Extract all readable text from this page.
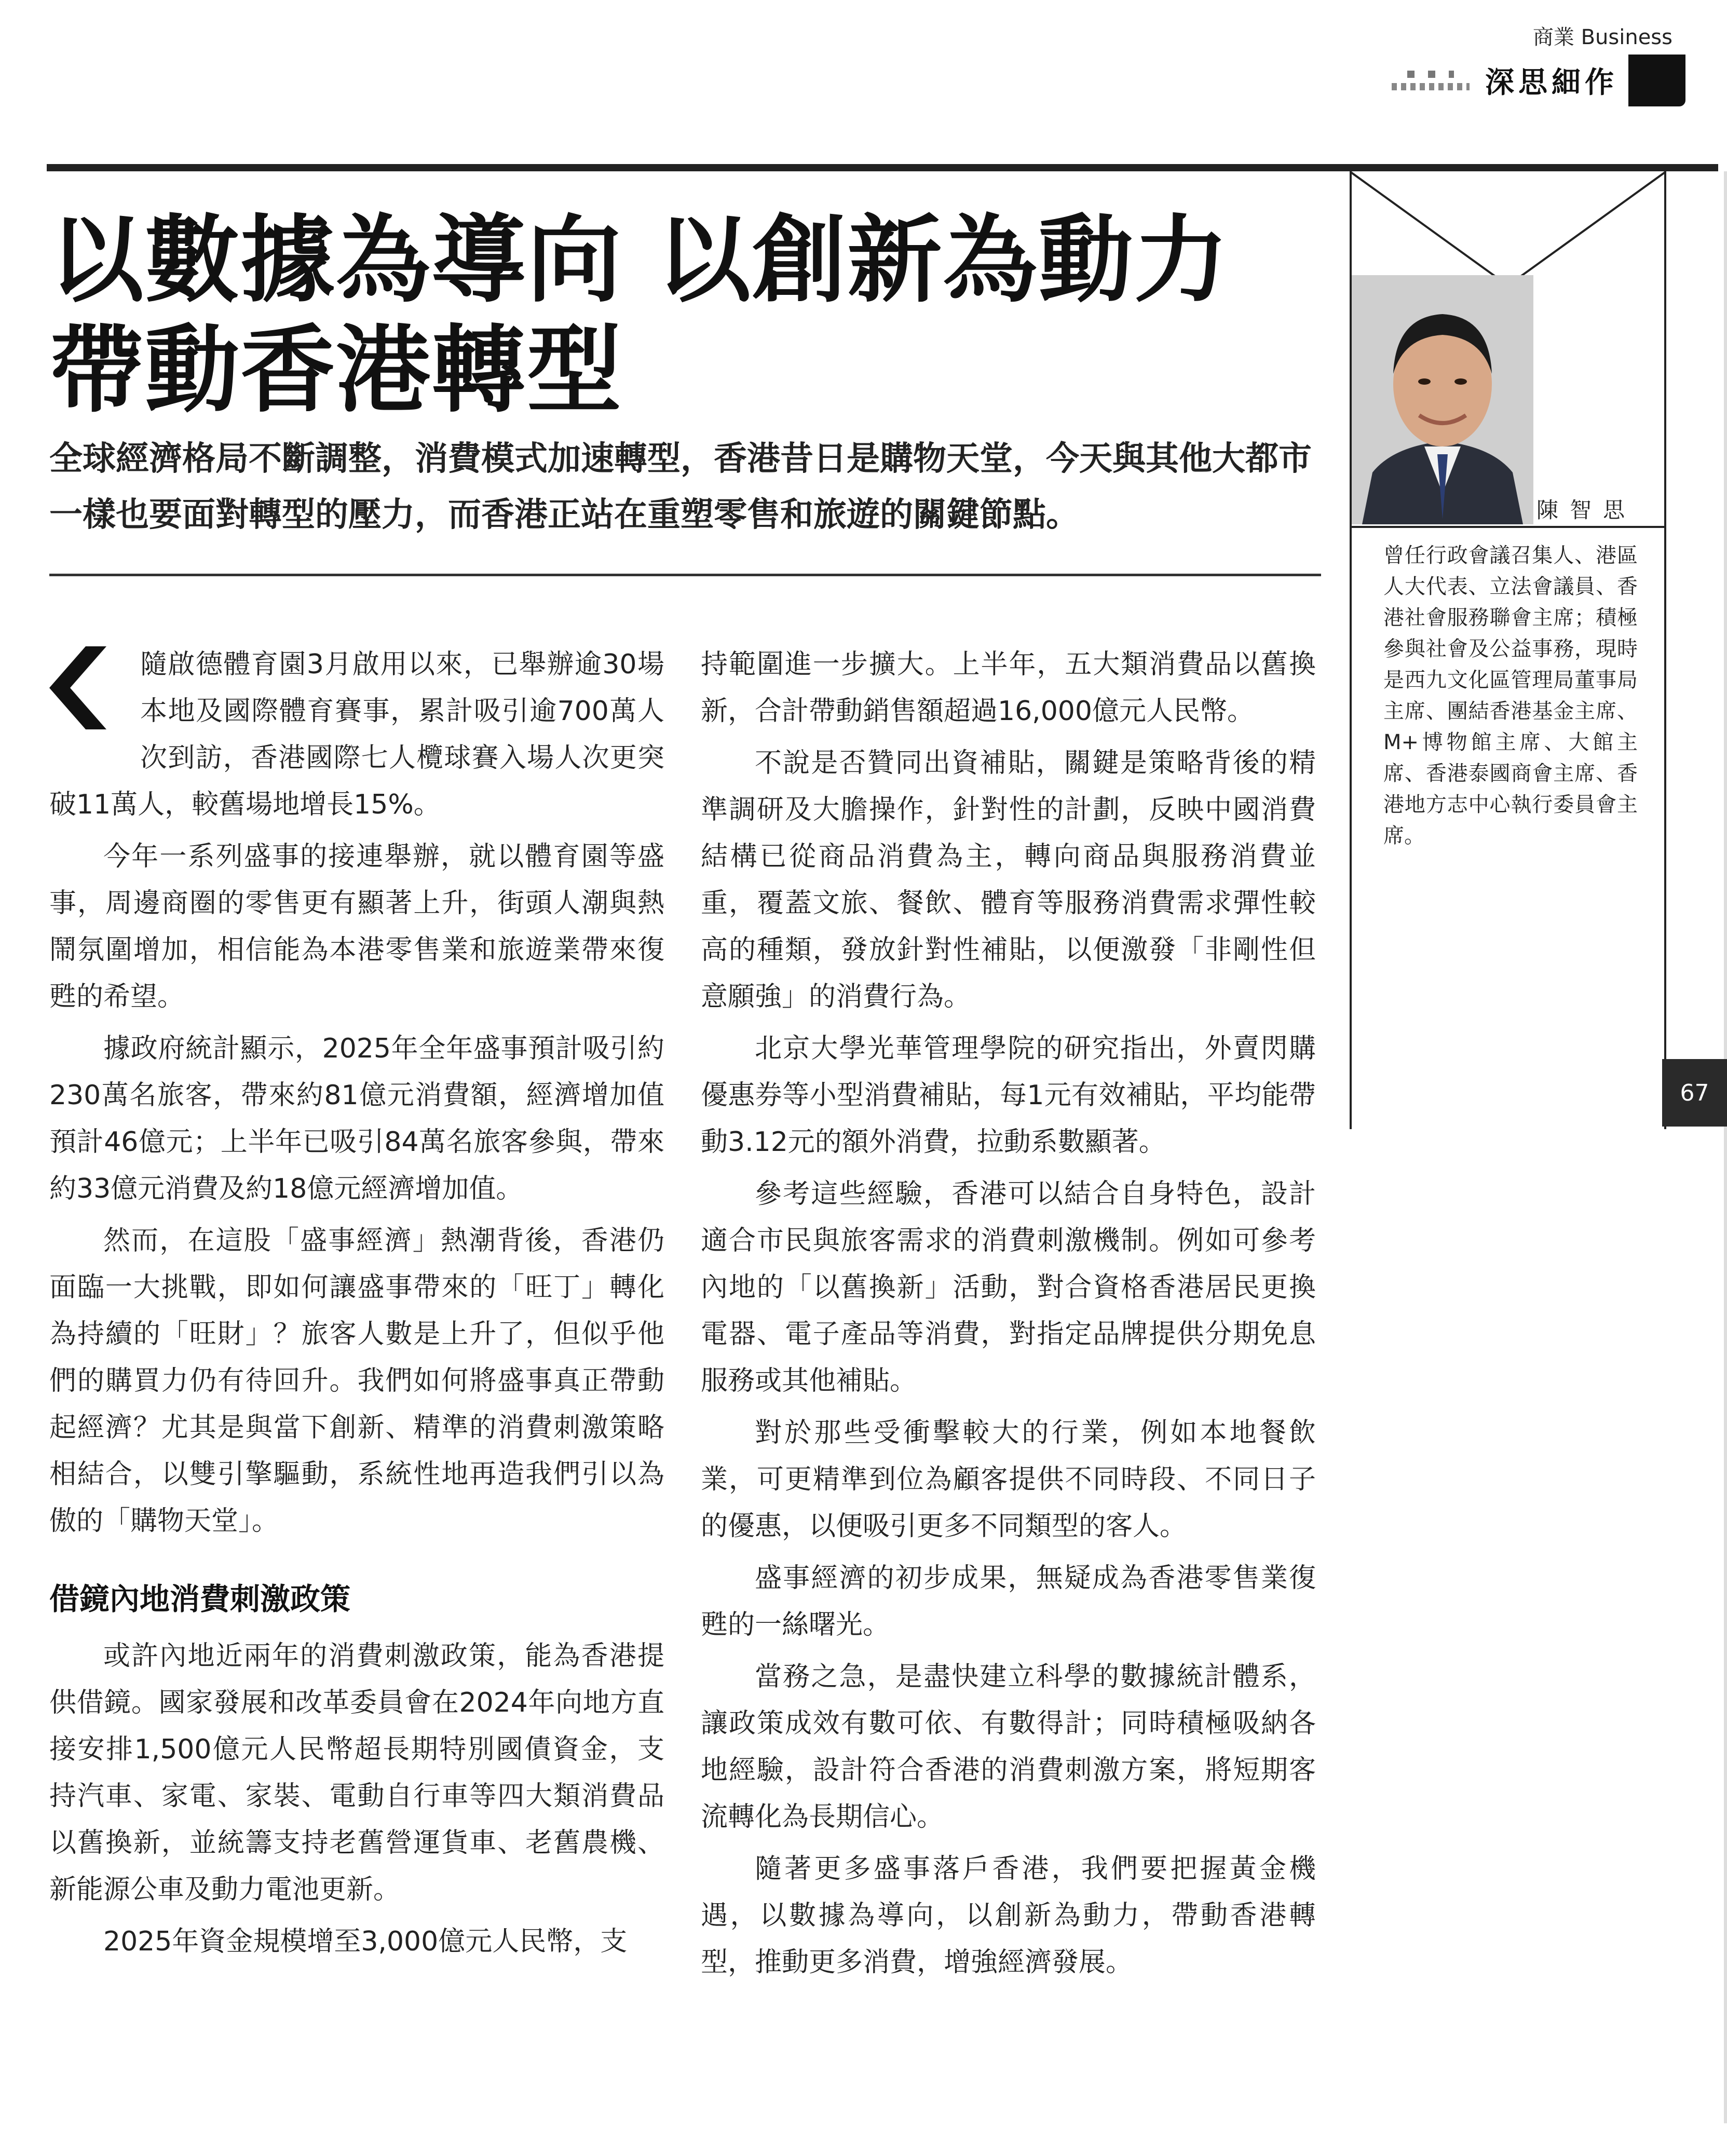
商業 Business
深思細作
以數據為導向 以創新為動力
帶動香港轉型
全球經濟格局不斷調整，消費模式加速轉型，香港昔日是購物天堂，今天與其他大都市一樣也要面對轉型的壓力，而香港正站在重塑零售和旅遊的關鍵節點。

隨啟德體育園3月啟用以來，已舉辦逾30場本地及國際體育賽事，累計吸引逾700萬人次到訪，香港國際七人欖球賽入場人次更突破11萬人，較舊場地增長15%。

今年一系列盛事的接連舉辦，就以體育園等盛事，周邊商圈的零售更有顯著上升，街頭人潮與熱鬧氛圍增加，相信能為本港零售業和旅遊業帶來復甦的希望。

據政府統計顯示，2025年全年盛事預計吸引約230萬名旅客，帶來約81億元消費額，經濟增加值預計46億元；上半年已吸引84萬名旅客參與，帶來約33億元消費及約18億元經濟增加值。

然而，在這股「盛事經濟」熱潮背後，香港仍面臨一大挑戰，即如何讓盛事帶來的「旺丁」轉化為持續的「旺財」？旅客人數是上升了，但似乎他們的購買力仍有待回升。我們如何將盛事真正帶動起經濟？尤其是與當下創新、精準的消費刺激策略相結合，以雙引擎驅動，系統性地再造我們引以為傲的「購物天堂」。

借鏡內地消費刺激政策

或許內地近兩年的消費刺激政策，能為香港提供借鏡。國家發展和改革委員會在2024年向地方直接安排1,500億元人民幣超長期特別國債資金，支持汽車、家電、家裝、電動自行車等四大類消費品以舊換新，並統籌支持老舊營運貨車、老舊農機、新能源公車及動力電池更新。

2025年資金規模增至3,000億元人民幣，支

持範圍進一步擴大。上半年，五大類消費品以舊換新，合計帶動銷售額超過16,000億元人民幣。

不說是否贊同出資補貼，關鍵是策略背後的精準調研及大膽操作，針對性的計劃，反映中國消費結構已從商品消費為主，轉向商品與服務消費並重，覆蓋文旅、餐飲、體育等服務消費需求彈性較高的種類，發放針對性補貼，以便激發「非剛性但意願強」的消費行為。

北京大學光華管理學院的研究指出，外賣閃購優惠券等小型消費補貼，每1元有效補貼，平均能帶動3.12元的額外消費，拉動系數顯著。

參考這些經驗，香港可以結合自身特色，設計適合市民與旅客需求的消費刺激機制。例如可參考內地的「以舊換新」活動，對合資格香港居民更換電器、電子產品等消費，對指定品牌提供分期免息服務或其他補貼。

對於那些受衝擊較大的行業，例如本地餐飲業，可更精準到位為顧客提供不同時段、不同日子的優惠，以便吸引更多不同類型的客人。

盛事經濟的初步成果，無疑成為香港零售業復甦的一絲曙光。

當務之急，是盡快建立科學的數據統計體系，讓政策成效有數可依、有數得計；同時積極吸納各地經驗，設計符合香港的消費刺激方案，將短期客流轉化為長期信心。

隨著更多盛事落戶香港，我們要把握黃金機遇，以數據為導向，以創新為動力，帶動香港轉型，推動更多消費，增強經濟發展。

陳智思
曾任行政會議召集人、港區人大代表、立法會議員、香港社會服務聯會主席；積極參與社會及公益事務，現時是西九文化區管理局董事局主席、團結香港基金主席、M+博物館主席、大館主席、香港泰國商會主席、香港地方志中心執行委員會主席。
67
